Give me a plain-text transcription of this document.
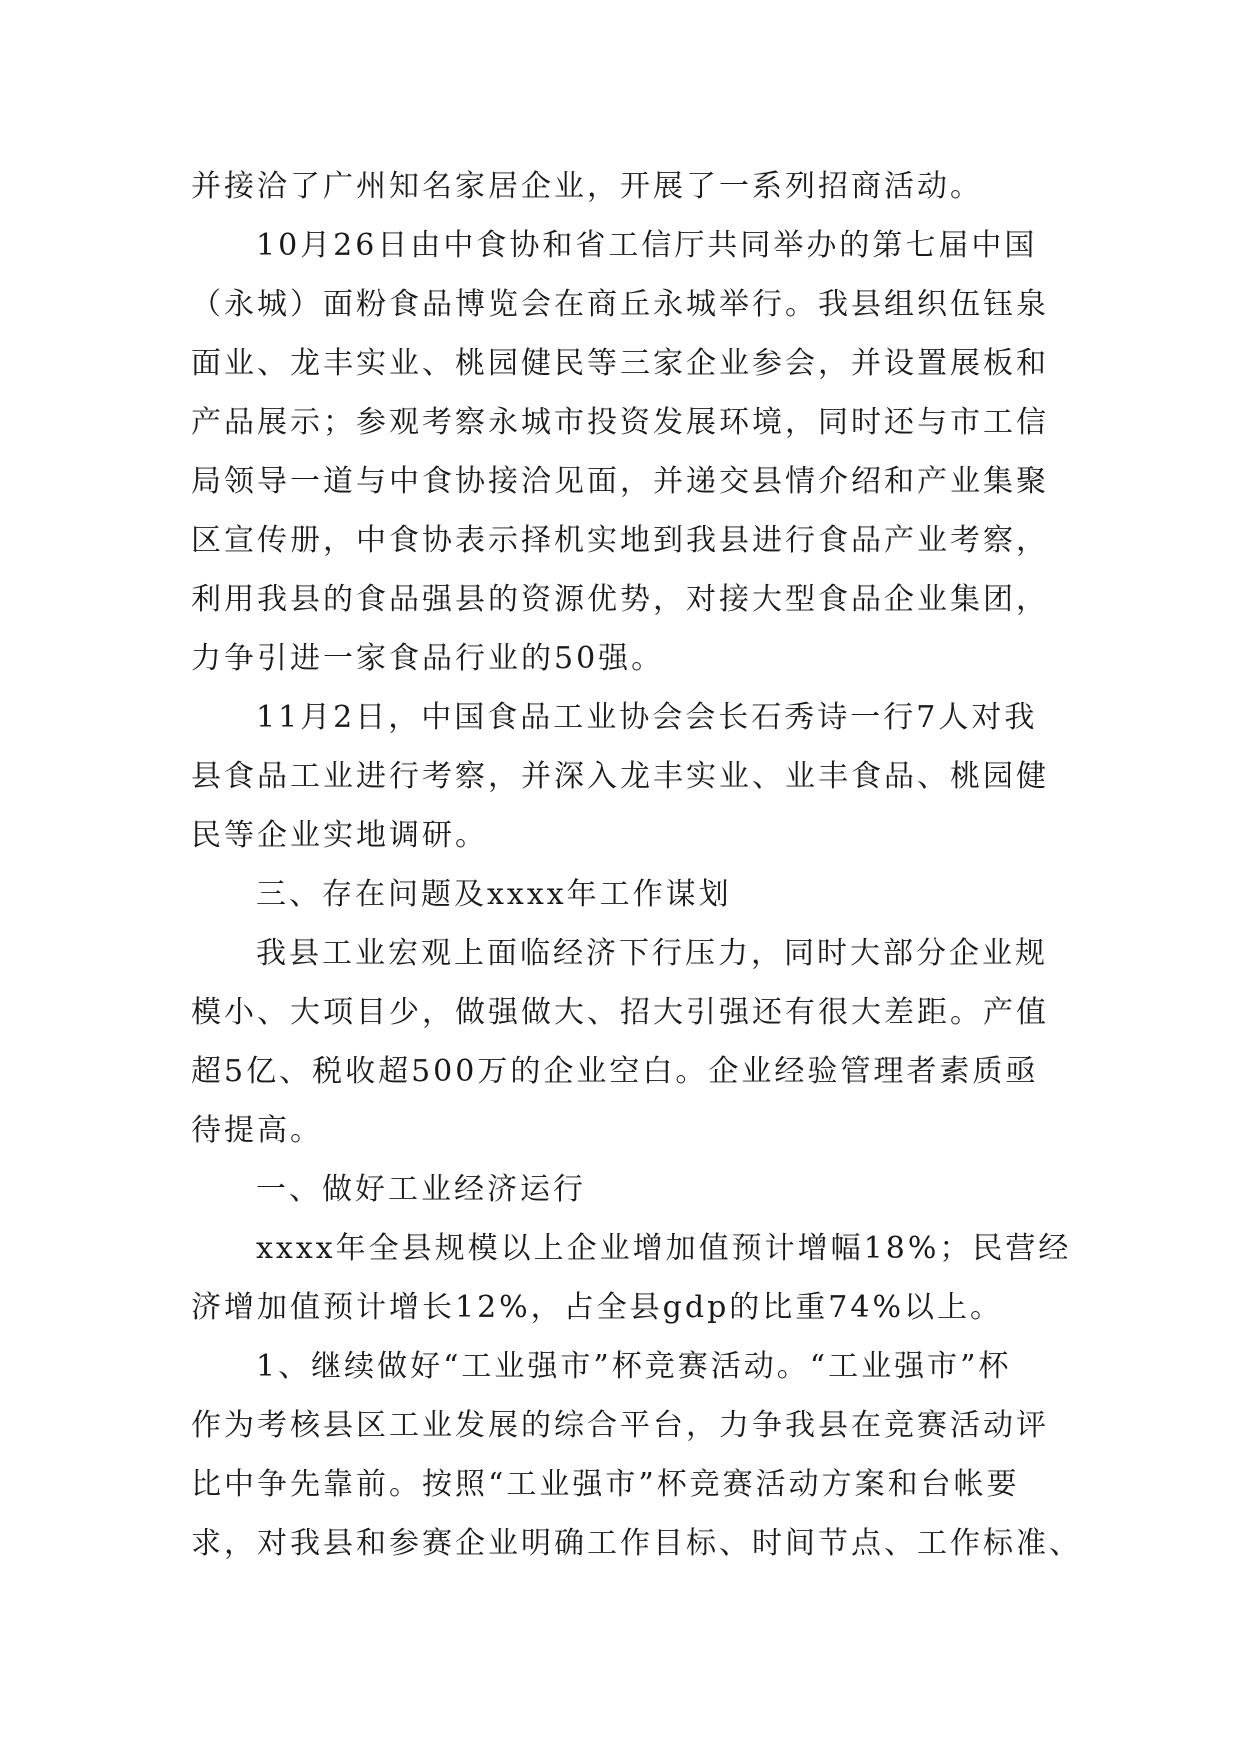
并接洽了广州知名家居企业，开展了一系列招商活动。
10月26日由中食协和省工信厅共同举办的第七届中国
（永城）面粉食品博览会在商丘永城举行。我县组织伍钰泉
面业、龙丰实业、桃园健民等三家企业参会，并设置展板和
产品展示；参观考察永城市投资发展环境，同时还与市工信
局领导一道与中食协接洽见面，并递交县情介绍和产业集聚
区宣传册，中食协表示择机实地到我县进行食品产业考察，
利用我县的食品强县的资源优势，对接大型食品企业集团，
力争引进一家食品行业的50强。
11月2日，中国食品工业协会会长石秀诗一行7人对我
县食品工业进行考察，并深入龙丰实业、业丰食品、桃园健
民等企业实地调研。
三、存在问题及xxxx年工作谋划
我县工业宏观上面临经济下行压力，同时大部分企业规
模小、大项目少，做强做大、招大引强还有很大差距。产值
超5亿、税收超500万的企业空白。企业经验管理者素质亟
待提高。
一、做好工业经济运行
xxxx年全县规模以上企业增加值预计增幅18%；民营经
济增加值预计增长12%，占全县gdp的比重74%以上。
1、继续做好“工业强市”杯竞赛活动。“工业强市”杯
作为考核县区工业发展的综合平台，力争我县在竞赛活动评
比中争先靠前。按照“工业强市”杯竞赛活动方案和台帐要
求，对我县和参赛企业明确工作目标、时间节点、工作标准、
